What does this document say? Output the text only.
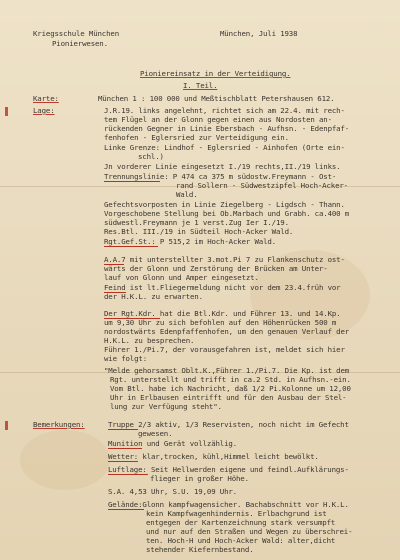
Kriegsschule München
Pionierwesen.
München, Juli 1938
Pioniereinsatz in der Verteidigung.
I. Teil.
Karte:	München 1 : 100 000 und Meßtischblatt Petershausen 612.
Lage:	J.R.19. links angelehnt, richtet sich am 22.4. mit rech-
tem Flügel an der Glonn gegen einen aus Nordosten an-
rückenden Gegner in Linie Ebersbach - Aufhsn. - Edenpfaf-
fenhofen - Eglersried zur Verteidigung ein.
Linke Grenze: Lindhof - Eglersried - Ainhofen (Orte ein-
schl.)
Jn vorderer Linie eingesetzt I./19 rechts,II./19 links.
Trennungslinie: P 474 ca 375 m südostw.Freymann - Ost-
rand Sollern - Südwestzipfel Hoch-Acker-
Wald.
Gefechtsvorposten in Linie Ziegelberg - Ligdsch - Thann.
Vorgeschobene Stellung bei Ob.Marbach und Grabh. ca.400 m
südwestl.Freymann je 1 verst.Zug Ier I./19.
Res.Btl. III./19 in Südteil Hoch-Acker Wald.
Rgt.Gef.St.: P 515,2 im Hoch-Acker Wald.
A.A.7 mit unterstellter 3.mot.Pi 7 zu Flankenschutz ost-
wärts der Glonn und Zerstörung der Brücken am Unter-
lauf von Glonn und Amper eingesetzt.
Feind ist lt.Fliegermeldung nicht vor dem 23.4.früh vor
der H.K.L. zu erwarten.
Der Rgt.Kdr. hat die Btl.Kdr. und Führer 13. und 14.Kp.
um 9,30 Uhr zu sich befohlen auf den Höhenrücken 500 m
nordostwärts Edenpfaffenhofen, um den genauen Verlauf der
H.K.L. zu besprechen.
Führer 1./Pi.7, der vorausgefahren ist, meldet sich hier
wie folgt:
"Melde gehorsamst Oblt.K.,Führer 1./Pi.7. Die Kp. ist dem
Rgt. unterstellt und trifft in ca.2 Std. in Aufhsn.-ein.
Vom Btl. habe ich Nachricht, daß 1/2 Pi.Kolonne um 12,00
Uhr in Erlbausen eintrifft und für den Ausbau der Stel-
lung zur Verfügung steht".
Bemerkungen:	Truppe 2/3 aktiv, 1/3 Reservisten, noch nicht im Gefecht
gewesen.
Munition und Gerät vollzählig.
Wetter: klar,trocken, kühl,Himmel leicht bewölkt.
Luftlage: Seit Hellwerden eigene und feindl.Aufklärungs-
flieger in großer Höhe.
S.A. 4,53 Uhr, S.U. 19,09 Uhr.
Gelände:Glonn kampfwagensicher. Bachabschnitt vor H.K.L.
kein Kampfwagenhindernis. Erlbachgrund ist
entgegen der Kartenzeichnung stark versumpft
und nur auf den Straßen und Wegen zu überschrei-
ten. Hoch-H und Hoch-Acker Wald: alter,dicht
stehender Kiefernbestand.
